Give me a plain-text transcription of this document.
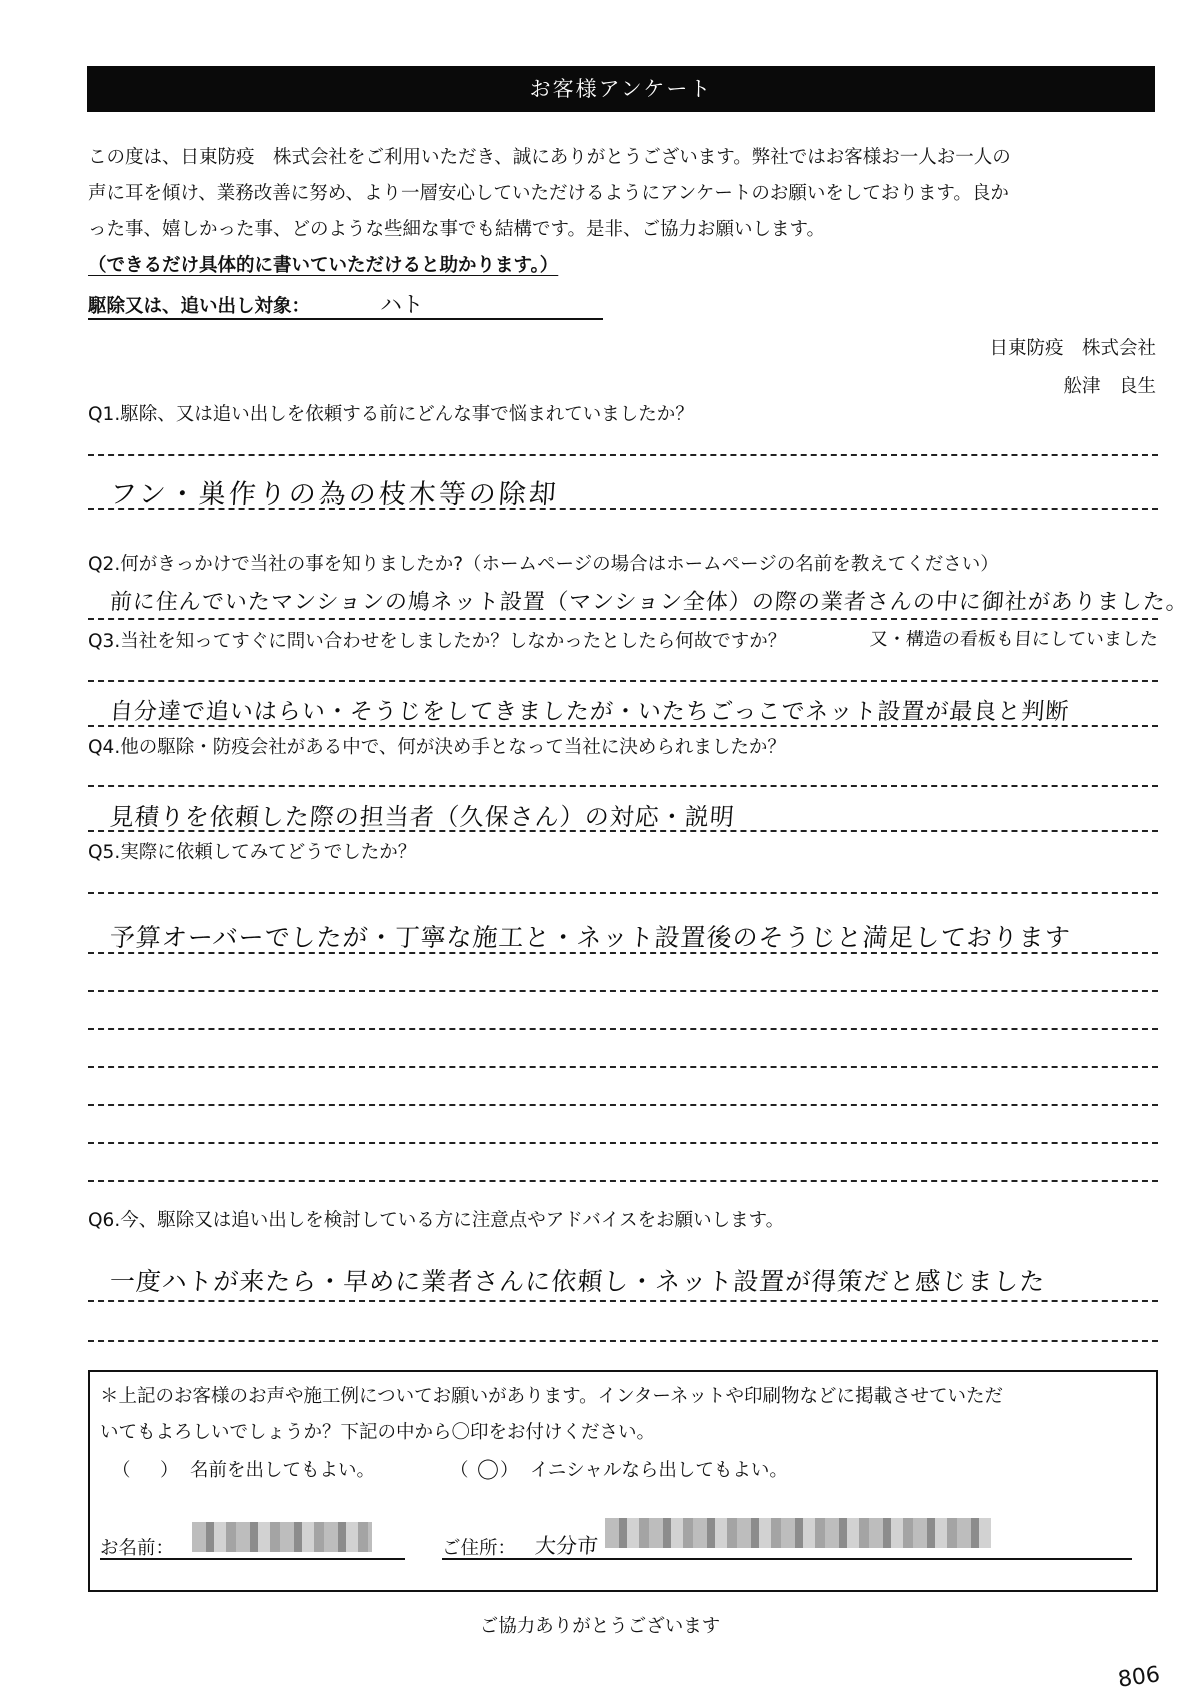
お客様アンケート
この度は、日東防疫　株式会社をご利用いただき、誠にありがとうございます。弊社ではお客様お一人お一人の
声に耳を傾け、業務改善に努め、より一層安心していただけるようにアンケートのお願いをしております。良か
った事、嬉しかった事、どのような些細な事でも結構です。是非、ご協力お願いします。
（できるだけ具体的に書いていただけると助かります。）
駆除又は、追い出し対象：	ハト
日東防疫　株式会社
舩津　良生
Q1.駆除、又は追い出しを依頼する前にどんな事で悩まれていましたか？
フン・巣作りの為の枝木等の除却
Q2.何がきっかけで当社の事を知りましたか?（ホームページの場合はホームページの名前を教えてください）
前に住んでいたマンションの鳩ネット設置（マンション全体）の際の業者さんの中に御社がありました。
Q3.当社を知ってすぐに問い合わせをしましたか？しなかったとしたら何故ですか？	又・構造の看板も目にしていました
自分達で追いはらい・そうじをしてきましたが・いたちごっこでネット設置が最良と判断
Q4.他の駆除・防疫会社がある中で、何が決め手となって当社に決められましたか？
見積りを依頼した際の担当者（久保さん）の対応・説明
Q5.実際に依頼してみてどうでしたか？
予算オーバーでしたが・丁寧な施工と・ネット設置後のそうじと満足しております
Q6.今、駆除又は追い出しを検討している方に注意点やアドバイスをお願いします。
一度ハトが来たら・早めに業者さんに依頼し・ネット設置が得策だと感じました
＊上記のお客様のお声や施工例についてお願いがあります。インターネットや印刷物などに掲載させていただ
いてもよろしいでしょうか？下記の中から〇印をお付けください。
（ ） 名前を出してもよい。	（ 〇 ） イニシャルなら出してもよい。
お名前：	ご住所： 大分市
ご協力ありがとうございます
806
